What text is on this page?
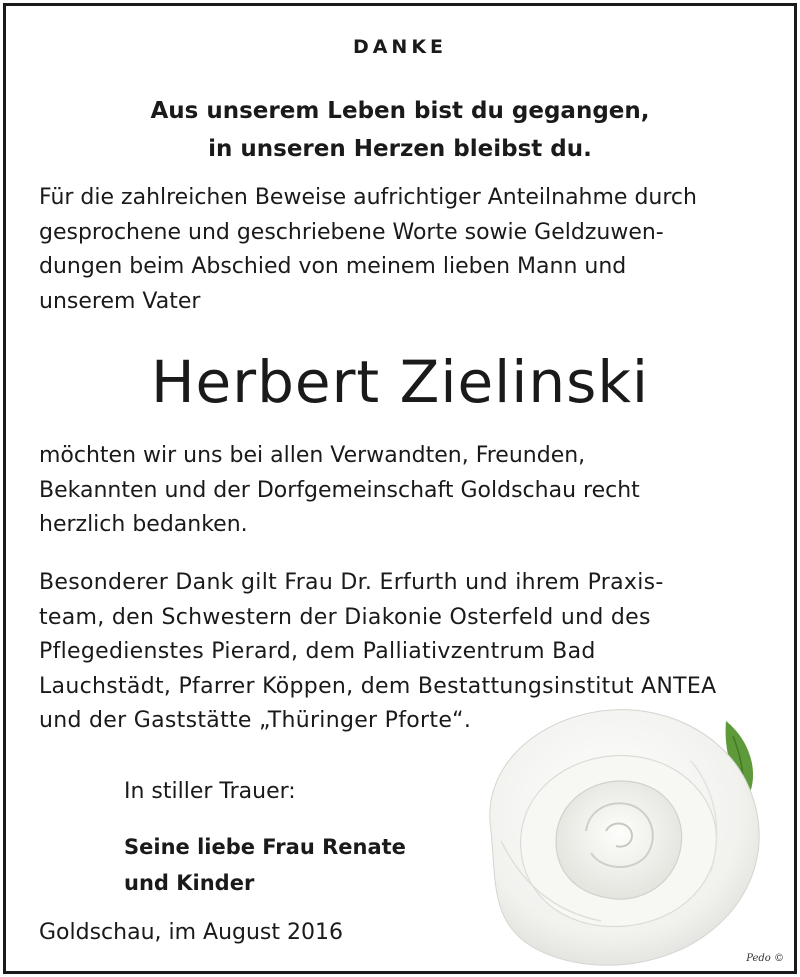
DANKE
Aus unserem Leben bist du gegangen,
in unseren Herzen bleibst du.
Für die zahlreichen Beweise aufrichtiger Anteilnahme durch
gesprochene und geschriebene Worte sowie Geldzuwen-
dungen beim Abschied von meinem lieben Mann und
unserem Vater
Herbert Zielinski
möchten wir uns bei allen Verwandten, Freunden,
Bekannten und der Dorfgemeinschaft Goldschau recht
herzlich bedanken.
Besonderer Dank gilt Frau Dr. Erfurth und ihrem Praxis-
team, den Schwestern der Diakonie Osterfeld und des
Pflegedienstes Pierard, dem Palliativzentrum Bad
Lauchstädt, Pfarrer Köppen, dem Bestattungsinstitut ANTEA
und der Gaststätte „Thüringer Pforte“.
In stiller Trauer:
Seine liebe Frau Renate
und Kinder
Goldschau, im August 2016
Pedo ©
